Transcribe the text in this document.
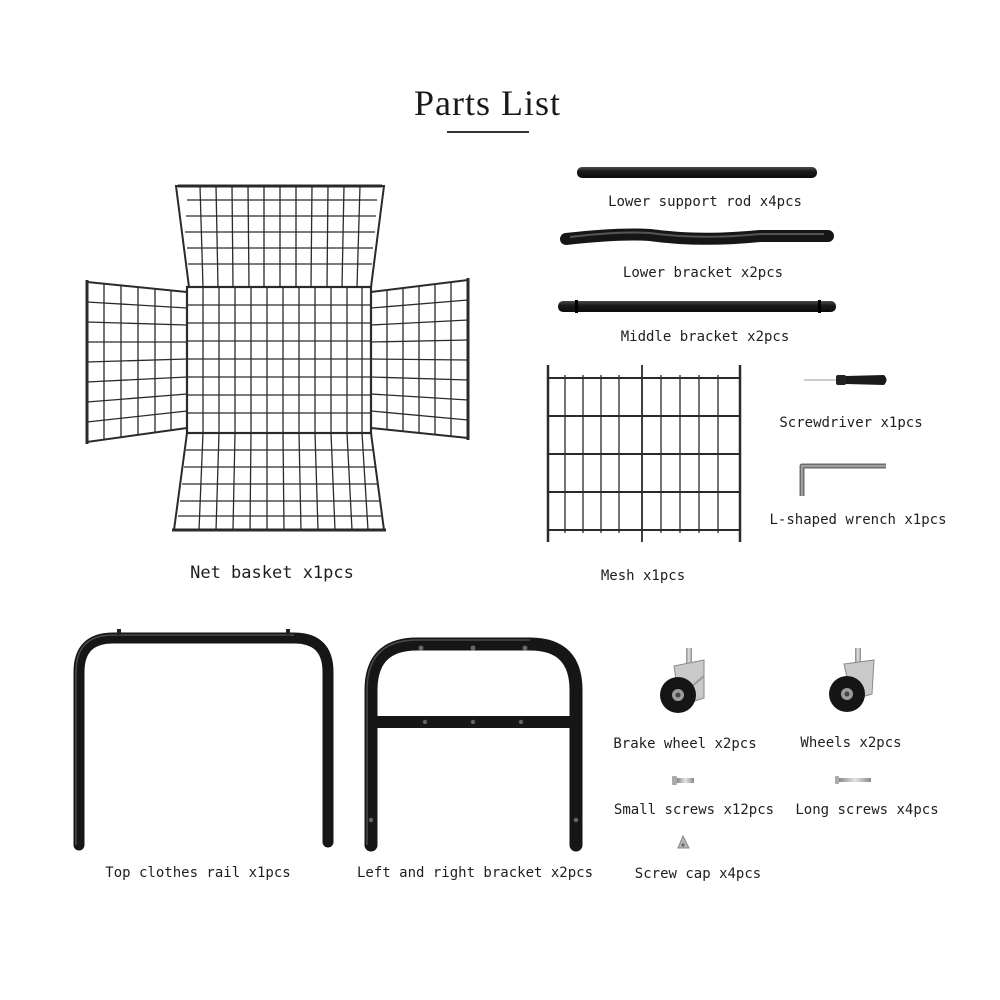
Parts List
Net basket x1pcs
Lower support rod x4pcs
Lower bracket x2pcs
Middle bracket x2pcs
Mesh x1pcs
Screwdriver x1pcs
L-shaped wrench x1pcs
Top clothes rail x1pcs	Left and right bracket x2pcs
Brake wheel x2pcs	Wheels x2pcs
Small screws x12pcs Long screws x4pcs
Screw cap x4pcs
